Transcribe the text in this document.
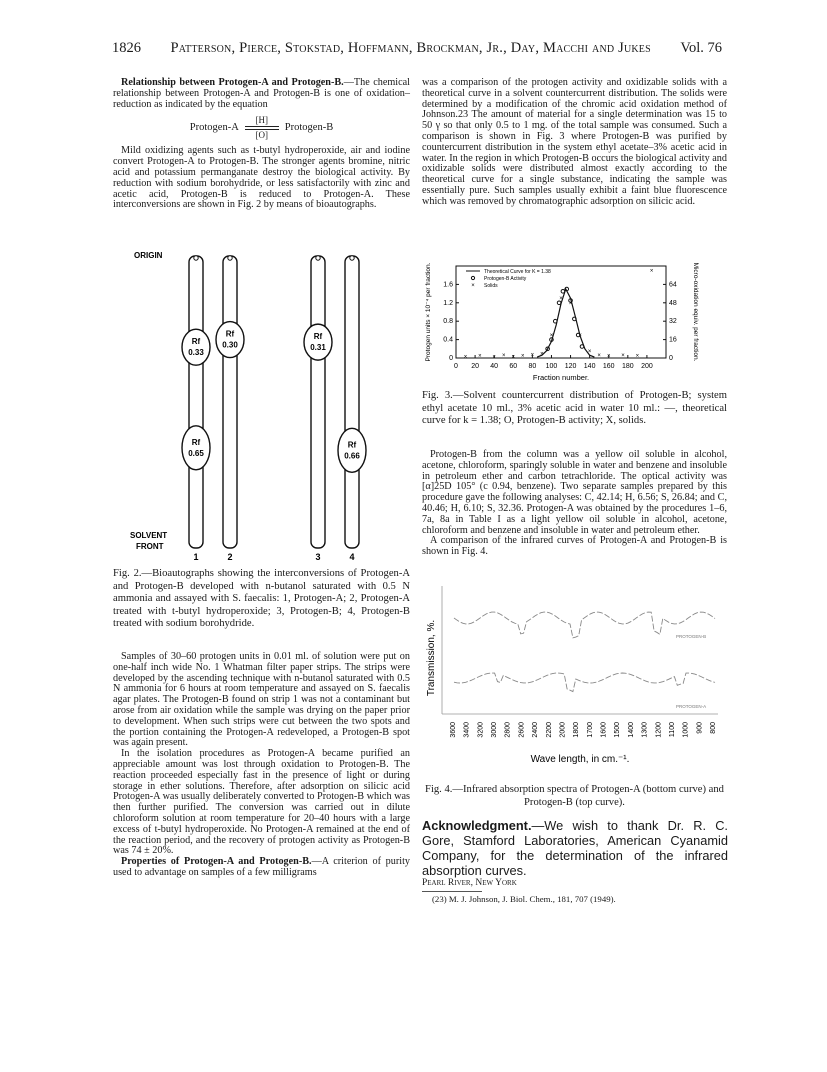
1826 Patterson, Pierce, Stokstad, Hoffmann, Brockman, Jr., Day, Macchi and Jukes Vol. 76

Relationship between Protogen-A and Protogen-B.—The chemical relationship between Protogen-A and Protogen-B is one of oxidation–reduction as indicated by the equation

Protogen-A
[H]
[O]
Protogen-B

Mild oxidizing agents such as t-butyl hydroperoxide, air and iodine convert Protogen-A to Protogen-B. The stronger agents bromine, nitric acid and potassium permanganate destroy the biological activity. By reduction with sodium borohydride, or less satisfactorily with zinc and acetic acid, Protogen-B is reduced to Protogen-A. These interconversions are shown in Fig. 2 by means of bioautographs.

ORIGIN
SOLVENT
FRONT
1	2	3	4
Rf
0.33
Rf
0.65
Rf
0.30
Rf
0.31
Rf
0.66
Fig. 2.—Bioautographs showing the interconversions of Protogen-A and Protogen-B developed with n-butanol saturated with 0.5 N ammonia and assayed with S. faecalis: 1, Protogen-A; 2, Protogen-A treated with t-butyl hydroperoxide; 3, Protogen-B; 4, Protogen-B treated with sodium borohydride.

Samples of 30–60 protogen units in 0.01 ml. of solution were put on one-half inch wide No. 1 Whatman filter paper strips. The strips were developed by the ascending technique with n-butanol saturated with 0.5 N ammonia for 6 hours at room temperature and assayed on S. faecalis agar plates. The Protogen-B found on strip 1 was not a contaminant but arose from air oxidation while the sample was drying on the paper prior to development. When such strips were cut between the two spots and the portion containing the Protogen-A redeveloped, a Protogen-B spot was again present.

In the isolation procedures as Protogen-A became purified an appreciable amount was lost through oxidation to Protogen-B. The reaction proceeded especially fast in the presence of light or during storage in ether solutions. Therefore, after adsorption on silicic acid Protogen-A was usually deliberately converted to Protogen-B which was then further purified. The conversion was carried out in dilute chloroform solution at room temperature for 20–40 hours with a large excess of t-butyl hydroperoxide. No Protogen-A remained at the end of the reaction period, and the recovery of protogen activity as Protogen-B was 74 ± 20%.

Properties of Protogen-A and Protogen-B.—A criterion of purity used to advantage on samples of a few milligrams

was a comparison of the protogen activity and oxidizable solids with a theoretical curve in a solvent countercurrent distribution. The solids were determined by a modification of the chromic acid oxidation method of Johnson.23 The amount of material for a single determination was 15 to 50 γ so that only 0.5 to 1 mg. of the total sample was consumed. Such a comparison is shown in Fig. 3 where Protogen-B was purified by countercurrent distribution in the system ethyl acetate–3% acetic acid in water. In the region in which Protogen-B occurs the biological activity and oxidizable solids were distributed almost exactly according to the theoretical curve for a single substance, indicating the sample was essentially pure. Such samples usually exhibit a faint blue fluorescence which was removed by chromatographic adsorption on silicic acid.

0 20 40 60 80 100 120 140 160 180 200
0
0.4
0.8
1.2
1.6
0
16
32
48
64
Fraction number.
Protogen units × 10⁻⁴ per fraction.	Micro-oxidation equiv. per fraction.
× × × × × × × ×
×
×
×
×
×
× × × ×
×
Theoretical Curve for K = 1.38
Protogen-B Activity
× Solids
Fig. 3.—Solvent countercurrent distribution of Protogen-B; system ethyl acetate 10 ml., 3% acetic acid in water 10 ml.: —, theoretical curve for k = 1.38; O, Protogen-B activity; X, solids.

Protogen-B from the column was a yellow oil soluble in alcohol, acetone, chloroform, sparingly soluble in water and benzene and insoluble in petroleum ether and carbon tetrachloride. The optical activity was [α]25D 105° (c 0.94, benzene). Two separate samples prepared by this procedure gave the following analyses: C, 42.14; H, 6.56; S, 26.84; and C, 40.46; H, 6.10; S, 32.36. Protogen-A was obtained by the procedures 1–6, 7a, 8a in Table I as a light yellow oil soluble in alcohol, acetone, chloroform and benzene and insoluble in water and petroleum ether.

A comparison of the infrared curves of Protogen-A and Protogen-B is shown in Fig. 4.

PROTOGEN-B
PROTOGEN-A
Transmission, %.
3600 3400 3200 3000 2800 2600 2400 2200 2000 1800 1700 1600 1500 1400 1300 1200 1100 1000 900 800
Wave length, in cm.⁻¹.
Fig. 4.—Infrared absorption spectra of Protogen-A (bottom curve) and Protogen-B (top curve).
Acknowledgment.—We wish to thank Dr. R. C. Gore, Stamford Laboratories, American Cyanamid Company, for the determination of the infrared absorption curves.
Pearl River, New York
(23) M. J. Johnson, J. Biol. Chem., 181, 707 (1949).
